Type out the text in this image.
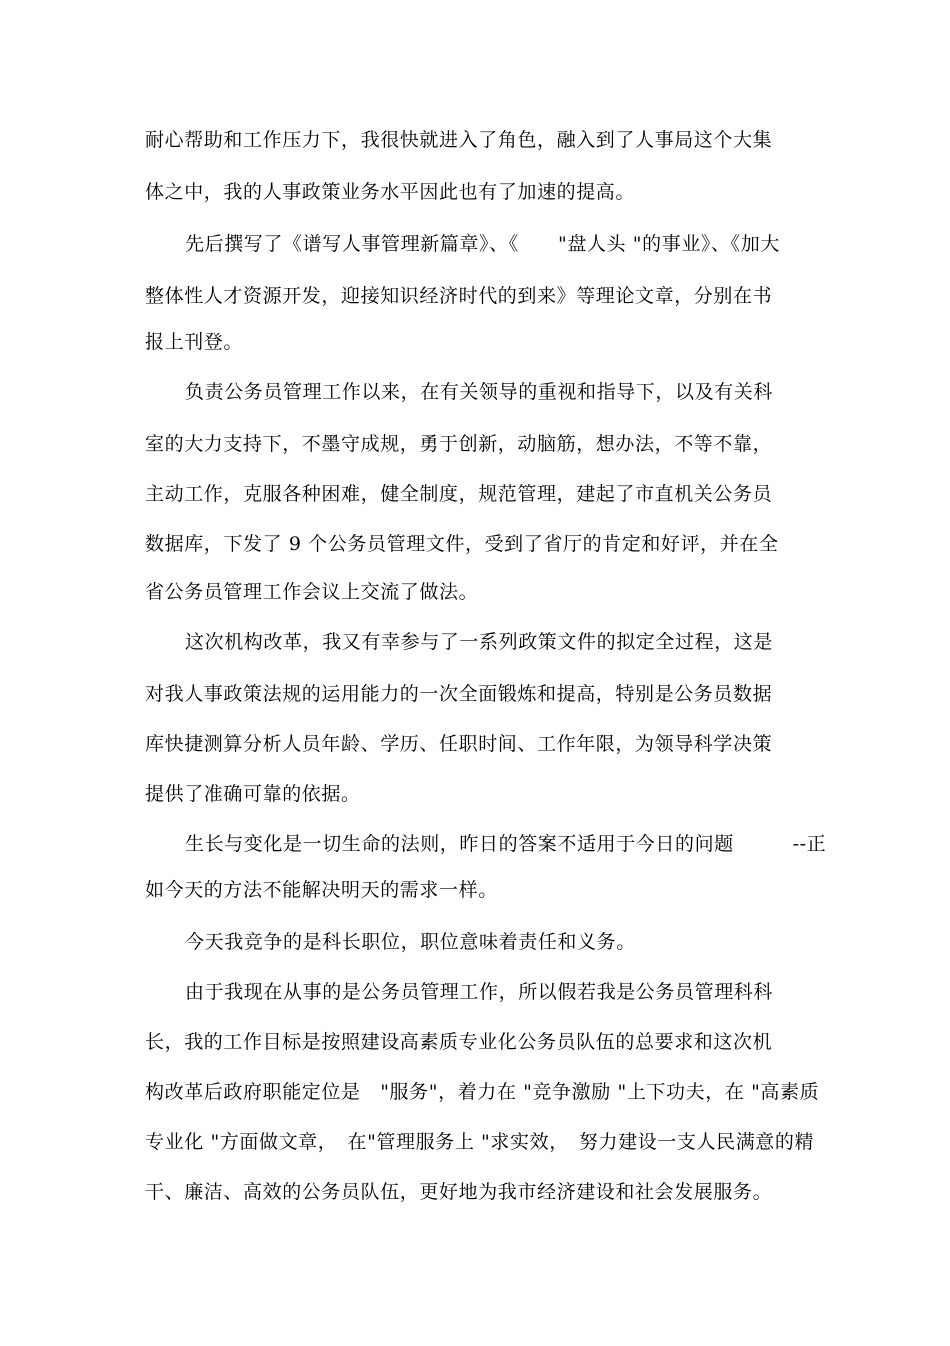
耐心帮助和工作压力下，我很快就进入了角色，融入到了人事局这个大集
体之中，我的人事政策业务水平因此也有了加速的提高。
先后撰写了《谱写人事管理新篇章》、《　　"盘人头 "的事业》、《加大
整体性人才资源开发，迎接知识经济时代的到来》等理论文章，分别在书
报上刊登。
负责公务员管理工作以来，在有关领导的重视和指导下，以及有关科
室的大力支持下，不墨守成规，勇于创新，动脑筋，想办法，不等不靠，
主动工作，克服各种困难，健全制度，规范管理，建起了市直机关公务员
数据库，下发了 9 个公务员管理文件，受到了省厅的肯定和好评，并在全
省公务员管理工作会议上交流了做法。
这次机构改革，我又有幸参与了一系列政策文件的拟定全过程，这是
对我人事政策法规的运用能力的一次全面锻炼和提高，特别是公务员数据
库快捷测算分析人员年龄、学历、任职时间、工作年限，为领导科学决策
提供了准确可靠的依据。
生长与变化是一切生命的法则，昨日的答案不适用于今日的问题　　　--正
如今天的方法不能解决明天的需求一样。
今天我竞争的是科长职位，职位意味着责任和义务。
由于我现在从事的是公务员管理工作，所以假若我是公务员管理科科
长，我的工作目标是按照建设高素质专业化公务员队伍的总要求和这次机
构改革后政府职能定位是　"服务"，着力在 "竞争激励 "上下功夫，在 "高素质
专业化 "方面做文章，　在"管理服务上 "求实效，　努力建设一支人民满意的精
干、廉洁、高效的公务员队伍，更好地为我市经济建设和社会发展服务。
